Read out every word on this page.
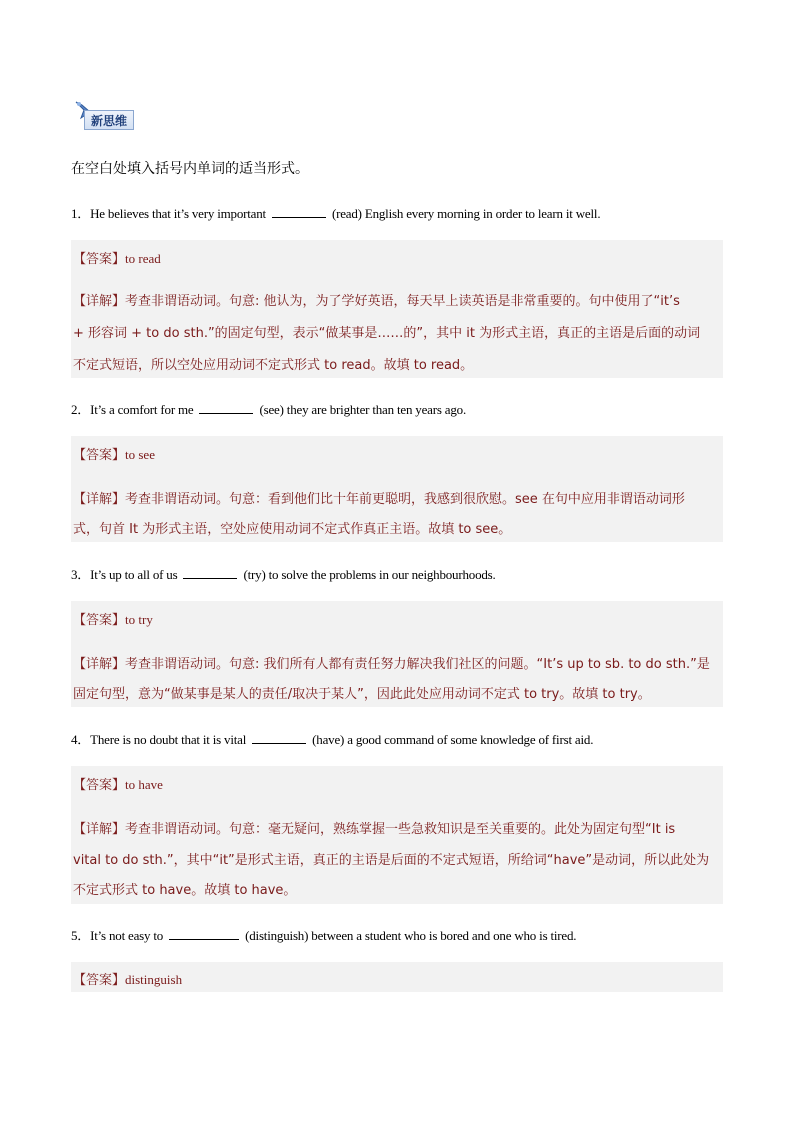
新思维
在空白处填入括号内单词的适当形式。
1．He believes that it’s very important	(read) English every morning in order to learn it well.
【答案】to read
【详解】考查非谓语动词。句意: 他认为，为了学好英语，每天早上读英语是非常重要的。句中使用了“it’s
+ 形容词 + to do sth.”的固定句型，表示“做某事是……的”，其中 it 为形式主语，真正的主语是后面的动词
不定式短语，所以空处应用动词不定式形式 to read。故填 to read。
2．It’s a comfort for me	(see) they are brighter than ten years ago.
【答案】to see
【详解】考查非谓语动词。句意：看到他们比十年前更聪明，我感到很欣慰。see 在句中应用非谓语动词形
式，句首 It 为形式主语，空处应使用动词不定式作真正主语。故填 to see。
3．It’s up to all of us	(try) to solve the problems in our neighbourhoods.
【答案】to try
【详解】考查非谓语动词。句意: 我们所有人都有责任努力解决我们社区的问题。“It’s up to sb. to do sth.”是
固定句型，意为“做某事是某人的责任/取决于某人”，因此此处应用动词不定式 to try。故填 to try。
4．There is no doubt that it is vital	(have) a good command of some knowledge of first aid.
【答案】to have
【详解】考查非谓语动词。句意：毫无疑问，熟练掌握一些急救知识是至关重要的。此处为固定句型“It is
vital to do sth.”，其中“it”是形式主语，真正的主语是后面的不定式短语，所给词“have”是动词，所以此处为
不定式形式 to have。故填 to have。
5．It’s not easy to	(distinguish) between a student who is bored and one who is tired.
【答案】distinguish
